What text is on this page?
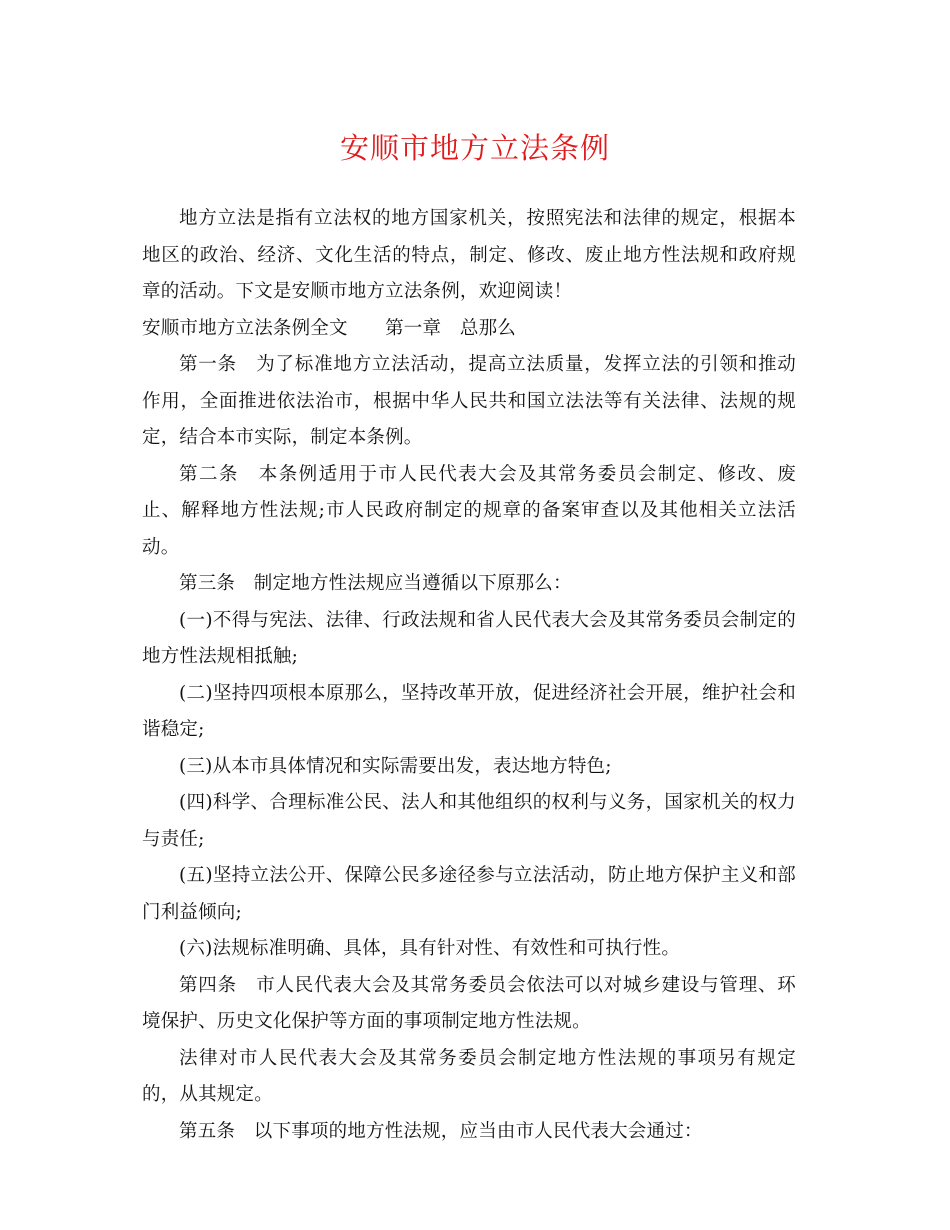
安顺市地方立法条例

地方立法是指有立法权的地方国家机关，按照宪法和法律的规定，根据本地区的政治、经济、文化生活的特点，制定、修改、废止地方性法规和政府规章的活动。下文是安顺市地方立法条例，欢迎阅读！

安顺市地方立法条例全文　　第一章　总那么

第一条　为了标准地方立法活动，提高立法质量，发挥立法的引领和推动作用，全面推进依法治市，根据中华人民共和国立法法等有关法律、法规的规定，结合本市实际，制定本条例。

第二条　本条例适用于市人民代表大会及其常务委员会制定、修改、废止、解释地方性法规;市人民政府制定的规章的备案审查以及其他相关立法活动。

第三条　制定地方性法规应当遵循以下原那么：

(一)不得与宪法、法律、行政法规和省人民代表大会及其常务委员会制定的地方性法规相抵触;

(二)坚持四项根本原那么，坚持改革开放，促进经济社会开展，维护社会和谐稳定;

(三)从本市具体情况和实际需要出发，表达地方特色;

(四)科学、合理标准公民、法人和其他组织的权利与义务，国家机关的权力与责任;

(五)坚持立法公开、保障公民多途径参与立法活动，防止地方保护主义和部门利益倾向;

(六)法规标准明确、具体，具有针对性、有效性和可执行性。

第四条　市人民代表大会及其常务委员会依法可以对城乡建设与管理、环境保护、历史文化保护等方面的事项制定地方性法规。

法律对市人民代表大会及其常务委员会制定地方性法规的事项另有规定的，从其规定。

第五条　以下事项的地方性法规，应当由市人民代表大会通过：
